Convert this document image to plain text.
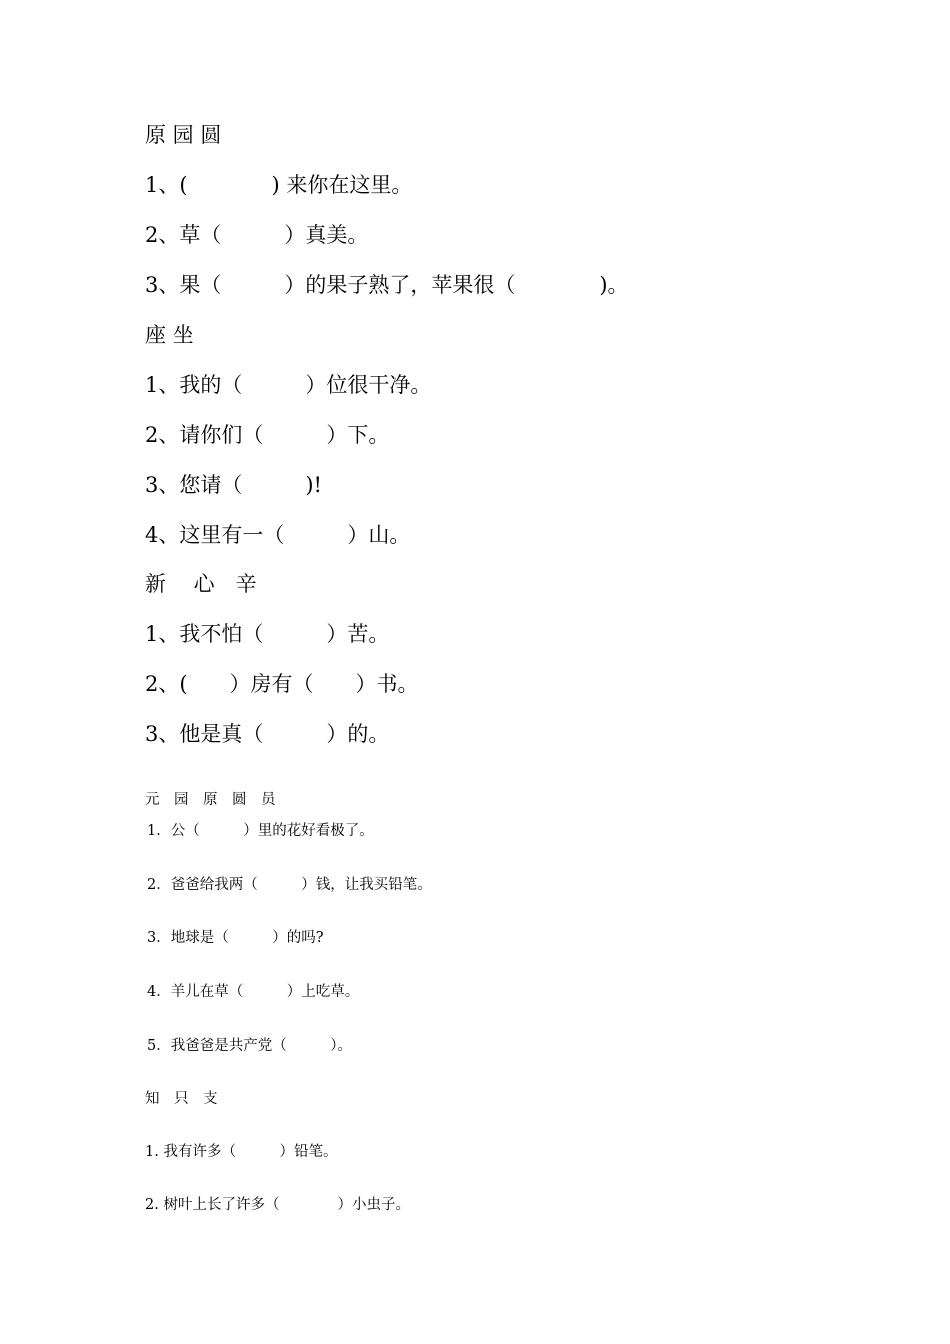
原 园 圆
1、(　　　　) 来你在这里。
2、草（　　　）真美。
3、果（　　　）的果子熟了，苹果很（　　　　)。
座 坐
1、我的（　　　）位很干净。
2、请你们（　　　）下。
3、您请（　　　)!
4、这里有一（　　　）山。
新　 心　辛
1、我不怕（　　　）苦。
2、(　　）房有（　　）书。
3、他是真（　　　）的。
元　园　原　圆　员
1．公（　　　）里的花好看极了。
2．爸爸给我两（　　　）钱，让我买铅笔。
3．地球是（　　　）的吗?
4．羊儿在草（　　　）上吃草。
5．我爸爸是共产党（　　　）。
知　只　支
1. 我有许多（　　　）铅笔。
2. 树叶上长了许多（　　　　）小虫子。
